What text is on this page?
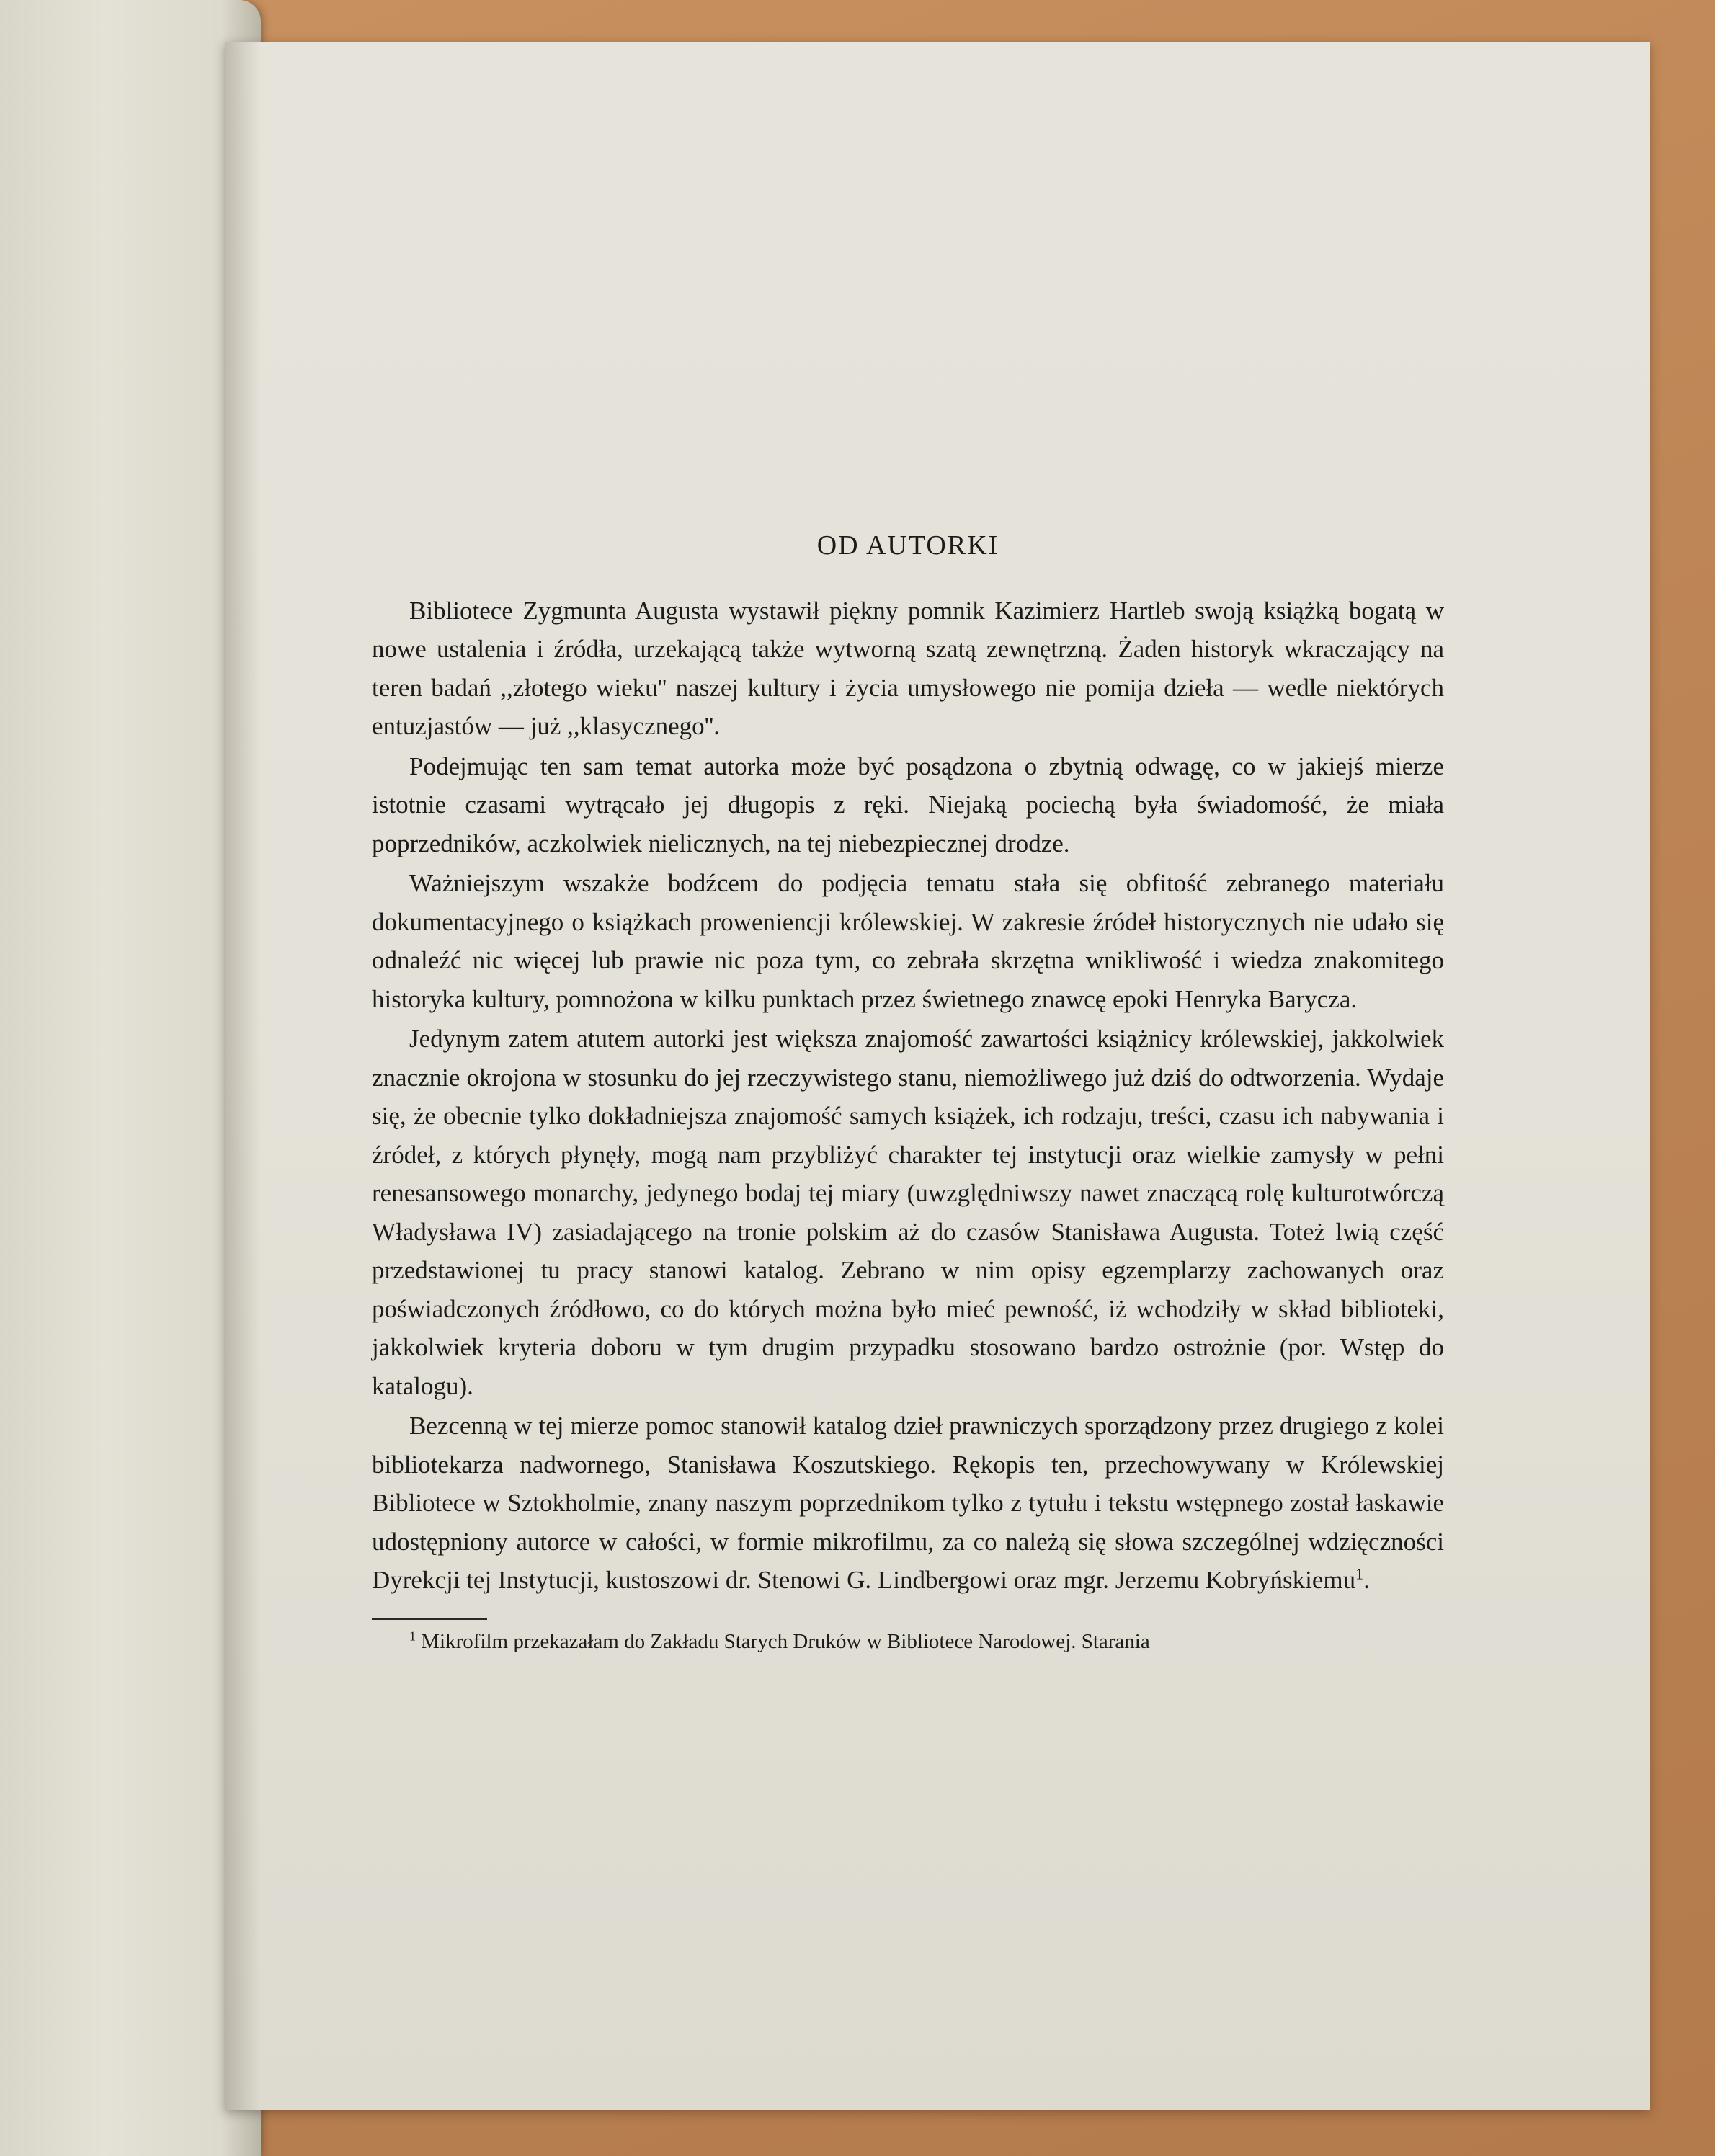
OD AUTORKI

Bibliotece Zygmunta Augusta wystawił piękny pomnik Kazimierz Hartleb swoją książką bogatą w nowe ustalenia i źródła, urzekającą także wytworną szatą zewnętrzną. Żaden historyk wkraczający na teren badań ,,złotego wieku'' naszej kultury i życia umysłowego nie pomija dzieła — wedle niektórych entuzjastów — już ,,klasycznego''.

Podejmując ten sam temat autorka może być posądzona o zbytnią odwagę, co w jakiejś mierze istotnie czasami wytrącało jej długopis z ręki. Niejaką pociechą była świadomość, że miała poprzedników, aczkolwiek nielicznych, na tej niebezpiecznej drodze.

Ważniejszym wszakże bodźcem do podjęcia tematu stała się obfitość zebranego materiału dokumentacyjnego o książkach proweniencji królewskiej. W zakresie źródeł historycznych nie udało się odnaleźć nic więcej lub prawie nic poza tym, co zebrała skrzętna wnikliwość i wiedza znakomitego historyka kultury, pomnożona w kilku punktach przez świetnego znawcę epoki Henryka Barycza.

Jedynym zatem atutem autorki jest większa znajomość zawartości książnicy królewskiej, jakkolwiek znacznie okrojona w stosunku do jej rzeczywistego stanu, niemożliwego już dziś do odtworzenia. Wydaje się, że obecnie tylko dokładniejsza znajomość samych książek, ich rodzaju, treści, czasu ich nabywania i źródeł, z których płynęły, mogą nam przybliżyć charakter tej instytucji oraz wielkie zamysły w pełni renesansowego monarchy, jedynego bodaj tej miary (uwzględniwszy nawet znaczącą rolę kulturotwórczą Władysława IV) zasiadającego na tronie polskim aż do czasów Stanisława Augusta. Toteż lwią część przedstawionej tu pracy stanowi katalog. Zebrano w nim opisy egzemplarzy zachowanych oraz poświadczonych źródłowo, co do których można było mieć pewność, iż wchodziły w skład biblioteki, jakkolwiek kryteria doboru w tym drugim przypadku stosowano bardzo ostrożnie (por. Wstęp do katalogu).

Bezcenną w tej mierze pomoc stanowił katalog dzieł prawniczych sporządzony przez drugiego z kolei bibliotekarza nadwornego, Stanisława Koszutskiego. Rękopis ten, przechowywany w Królewskiej Bibliotece w Sztokholmie, znany naszym poprzednikom tylko z tytułu i tekstu wstępnego został łaskawie udostępniony autorce w całości, w formie mikrofilmu, za co należą się słowa szczególnej wdzięczności Dyrekcji tej Instytucji, kustoszowi dr. Stenowi G. Lindbergowi oraz mgr. Jerzemu Kobryńskiemu$^1$.

$^1$ Mikrofilm przekazałam do Zakładu Starych Druków w Bibliotece Narodowej. Starania
